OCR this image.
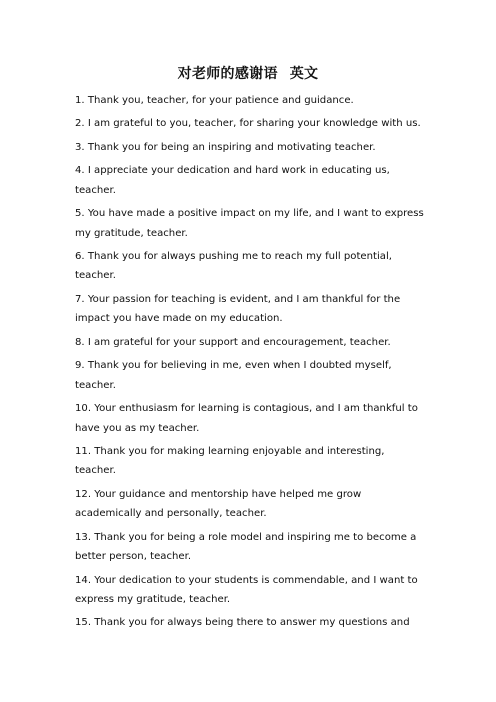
对老师的感谢语 英文
1. Thank you, teacher, for your patience and guidance.
2. I am grateful to you, teacher, for sharing your knowledge with us.
3. Thank you for being an inspiring and motivating teacher.
4. I appreciate your dedication and hard work in educating us, teacher.
5. You have made a positive impact on my life, and I want to express my gratitude, teacher.
6. Thank you for always pushing me to reach my full potential, teacher.
7. Your passion for teaching is evident, and I am thankful for the impact you have made on my education.
8. I am grateful for your support and encouragement, teacher.
9. Thank you for believing in me, even when I doubted myself, teacher.
10. Your enthusiasm for learning is contagious, and I am thankful to have you as my teacher.
11. Thank you for making learning enjoyable and interesting, teacher.
12. Your guidance and mentorship have helped me grow academically and personally, teacher.
13. Thank you for being a role model and inspiring me to become a better person, teacher.
14. Your dedication to your students is commendable, and I want to express my gratitude, teacher.
15. Thank you for always being there to answer my questions and
